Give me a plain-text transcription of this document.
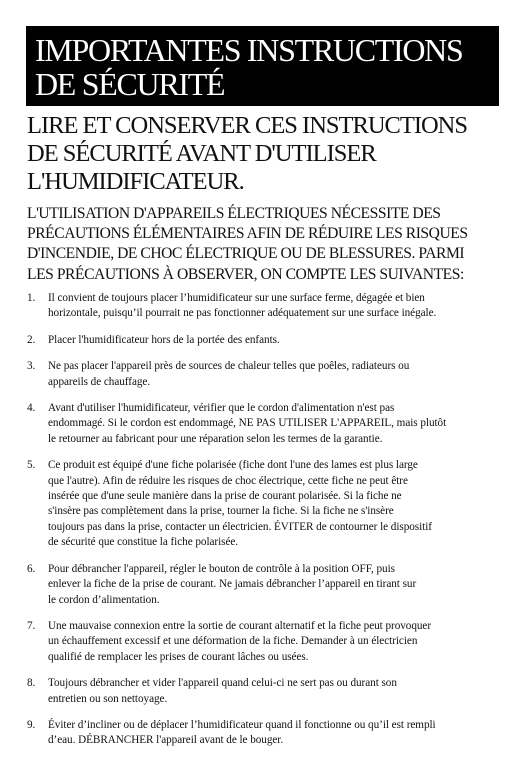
IMPORTANTES INSTRUCTIONS
DE SÉCURITÉ
LIRE ET CONSERVER CES INSTRUCTIONS
DE SÉCURITÉ AVANT D'UTILISER
L'HUMIDIFICATEUR.
L'UTILISATION D'APPAREILS ÉLECTRIQUES NÉCESSITE DES
PRÉCAUTIONS ÉLÉMENTAIRES AFIN DE RÉDUIRE LES RISQUES
D'INCENDIE, DE CHOC ÉLECTRIQUE OU DE BLESSURES. PARMI
LES PRÉCAUTIONS À OBSERVER, ON COMPTE LES SUIVANTES:
1. Il convient de toujours placer l’humidificateur sur une surface ferme, dégagée et bien
horizontale, puisqu’il pourrait ne pas fonctionner adéquatement sur une surface inégale.
2. Placer l'humidificateur hors de la portée des enfants.
3. Ne pas placer l'appareil près de sources de chaleur telles que poêles, radiateurs ou
appareils de chauffage.
4. Avant d'utiliser l'humidificateur, vérifier que le cordon d'alimentation n'est pas
endommagé. Si le cordon est endommagé, NE PAS UTILISER L'APPAREIL, mais plutôt
le retourner au fabricant pour une réparation selon les termes de la garantie.
5. Ce produit est équipé d'une fiche polarisée (fiche dont l'une des lames est plus large
que l'autre). Afin de réduire les risques de choc électrique, cette fiche ne peut être
insérée que d'une seule manière dans la prise de courant polarisée. Si la fiche ne
s'insère pas complètement dans la prise, tourner la fiche. Si la fiche ne s'insère
toujours pas dans la prise, contacter un électricien. ÉVITER de contourner le dispositif
de sécurité que constitue la fiche polarisée.
6. Pour débrancher l'appareil, régler le bouton de contrôle à la position OFF, puis
enlever la fiche de la prise de courant. Ne jamais débrancher l’appareil en tirant sur
le cordon d’alimentation.
7. Une mauvaise connexion entre la sortie de courant alternatif et la fiche peut provoquer
un échauffement excessif et une déformation de la fiche. Demander à un électricien
qualifié de remplacer les prises de courant lâches ou usées.
8. Toujours débrancher et vider l'appareil quand celui-ci ne sert pas ou durant son
entretien ou son nettoyage.
9. Éviter d’incliner ou de déplacer l’humidificateur quand il fonctionne ou qu’il est rempli
d’eau. DÉBRANCHER l'appareil avant de le bouger.
